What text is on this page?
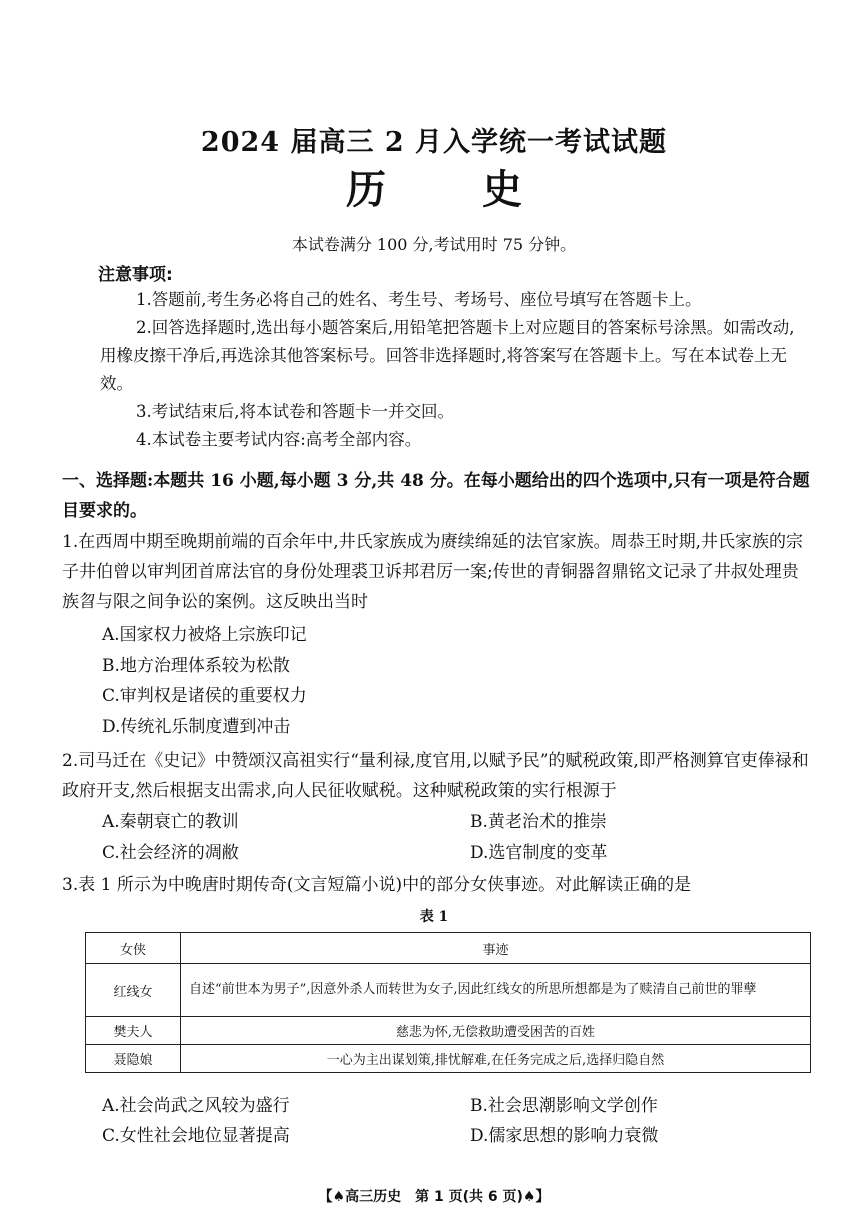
2024 届高三 2 月入学统一考试试题
历史
本试卷满分 100 分,考试用时 75 分钟。
注意事项:
1.答题前,考生务必将自己的姓名、考生号、考场号、座位号填写在答题卡上。
2.回答选择题时,选出每小题答案后,用铅笔把答题卡上对应题目的答案标号涂黑。如需改动,用橡皮擦干净后,再选涂其他答案标号。回答非选择题时,将答案写在答题卡上。写在本试卷上无效。
3.考试结束后,将本试卷和答题卡一并交回。
4.本试卷主要考试内容:高考全部内容。
一、选择题:本题共 16 小题,每小题 3 分,共 48 分。在每小题给出的四个选项中,只有一项是符合题目要求的。
1.在西周中期至晚期前端的百余年中,井氏家族成为赓续绵延的法官家族。周恭王时期,井氏家族的宗子井伯曾以审判团首席法官的身份处理裘卫诉邦君厉一案;传世的青铜器曶鼎铭文记录了井叔处理贵族曶与限之间争讼的案例。这反映出当时
A.国家权力被烙上宗族印记
B.地方治理体系较为松散
C.审判权是诸侯的重要权力
D.传统礼乐制度遭到冲击
2.司马迁在《史记》中赞颂汉高祖实行“量利禄,度官用,以赋予民”的赋税政策,即严格测算官吏俸禄和政府开支,然后根据支出需求,向人民征收赋税。这种赋税政策的实行根源于
A.秦朝衰亡的教训	B.黄老治术的推崇
C.社会经济的凋敝	D.选官制度的变革
3.表 1 所示为中晚唐时期传奇(文言短篇小说)中的部分女侠事迹。对此解读正确的是
表 1
女侠	事迹
红线女	自述“前世本为男子”,因意外杀人而转世为女子,因此红线女的所思所想都是为了赎清自己前世的罪孽
樊夫人	慈悲为怀,无偿救助遭受困苦的百姓
聂隐娘	一心为主出谋划策,排忧解难,在任务完成之后,选择归隐自然
A.社会尚武之风较为盛行	B.社会思潮影响文学创作
C.女性社会地位显著提高	D.儒家思想的影响力衰微
【♠高三历史　第 1 页(共 6 页)♠】
